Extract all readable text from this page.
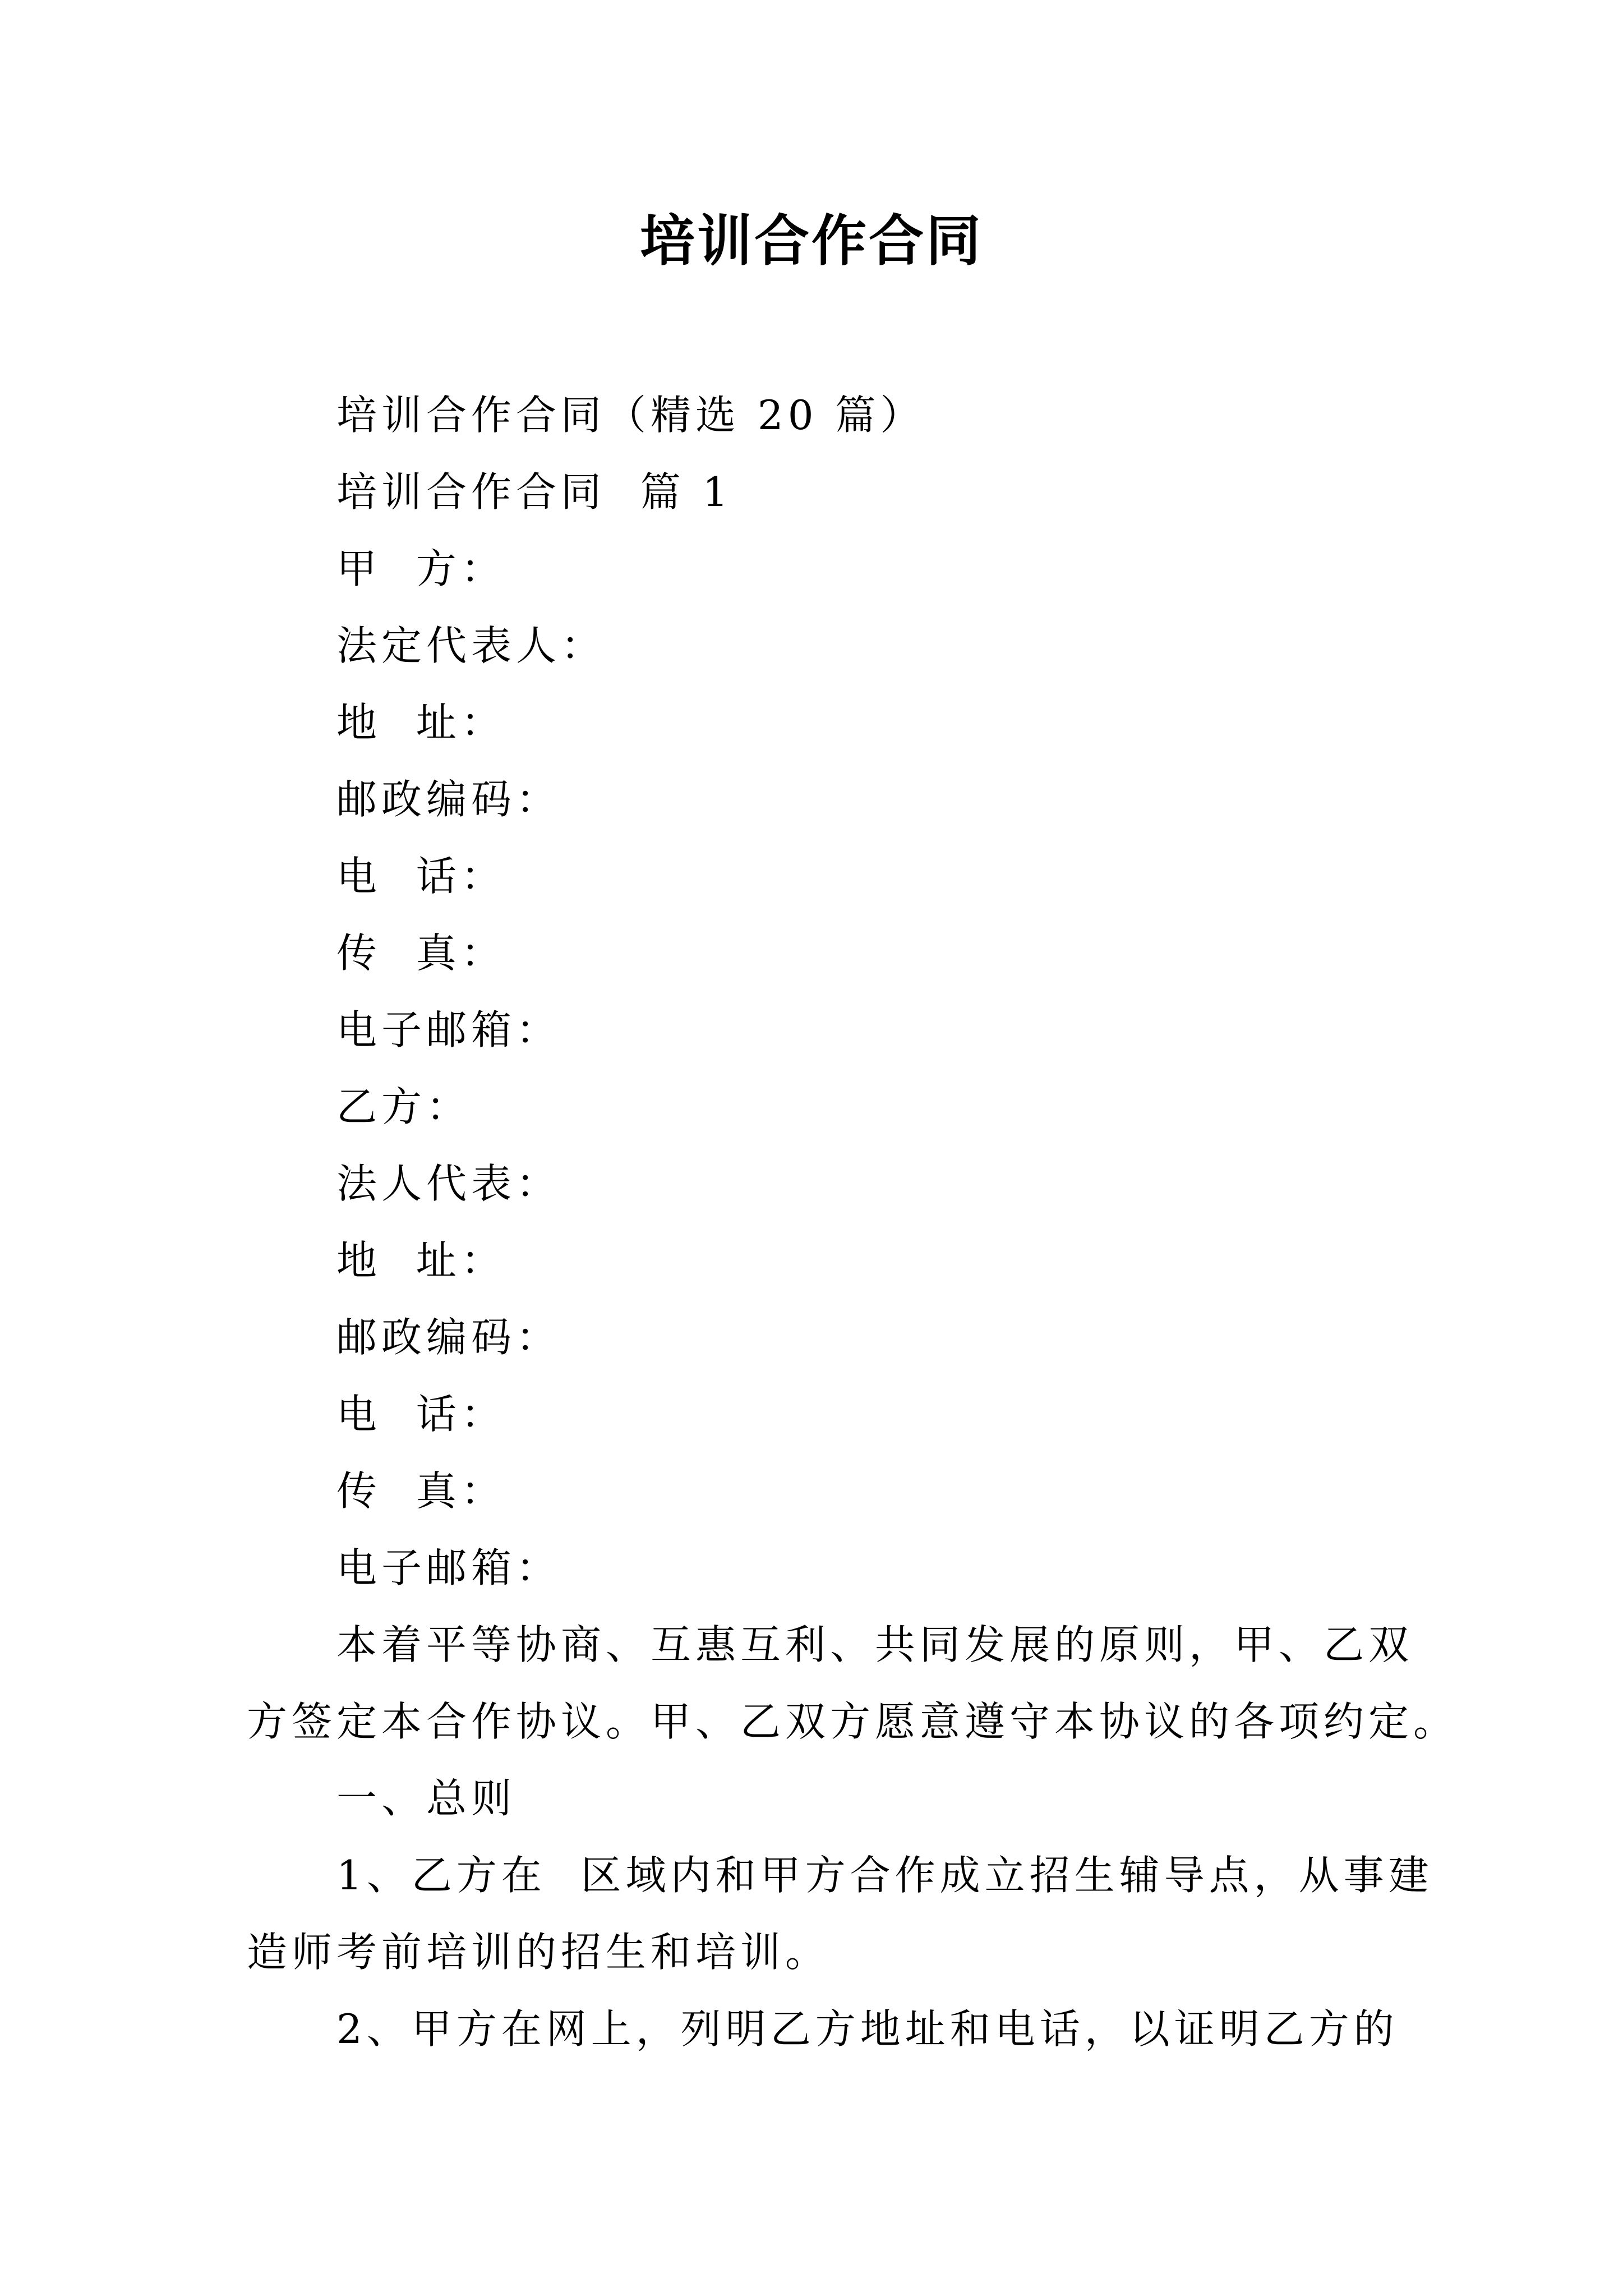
培训合作合同
培训合作合同（精选 20 篇）
培训合作合同  篇 1
甲  方：
法定代表人：
地  址：
邮政编码：
电  话：
传  真：
电子邮箱：
乙方：
法人代表：
地  址：
邮政编码：
电  话：
传  真：
电子邮箱：
本着平等协商、互惠互利、共同发展的原则，甲、乙双
方签定本合作协议。甲、乙双方愿意遵守本协议的各项约定。
一、总则
1、乙方在  区域内和甲方合作成立招生辅导点，从事建
造师考前培训的招生和培训。
2、甲方在网上，列明乙方地址和电话，以证明乙方的
